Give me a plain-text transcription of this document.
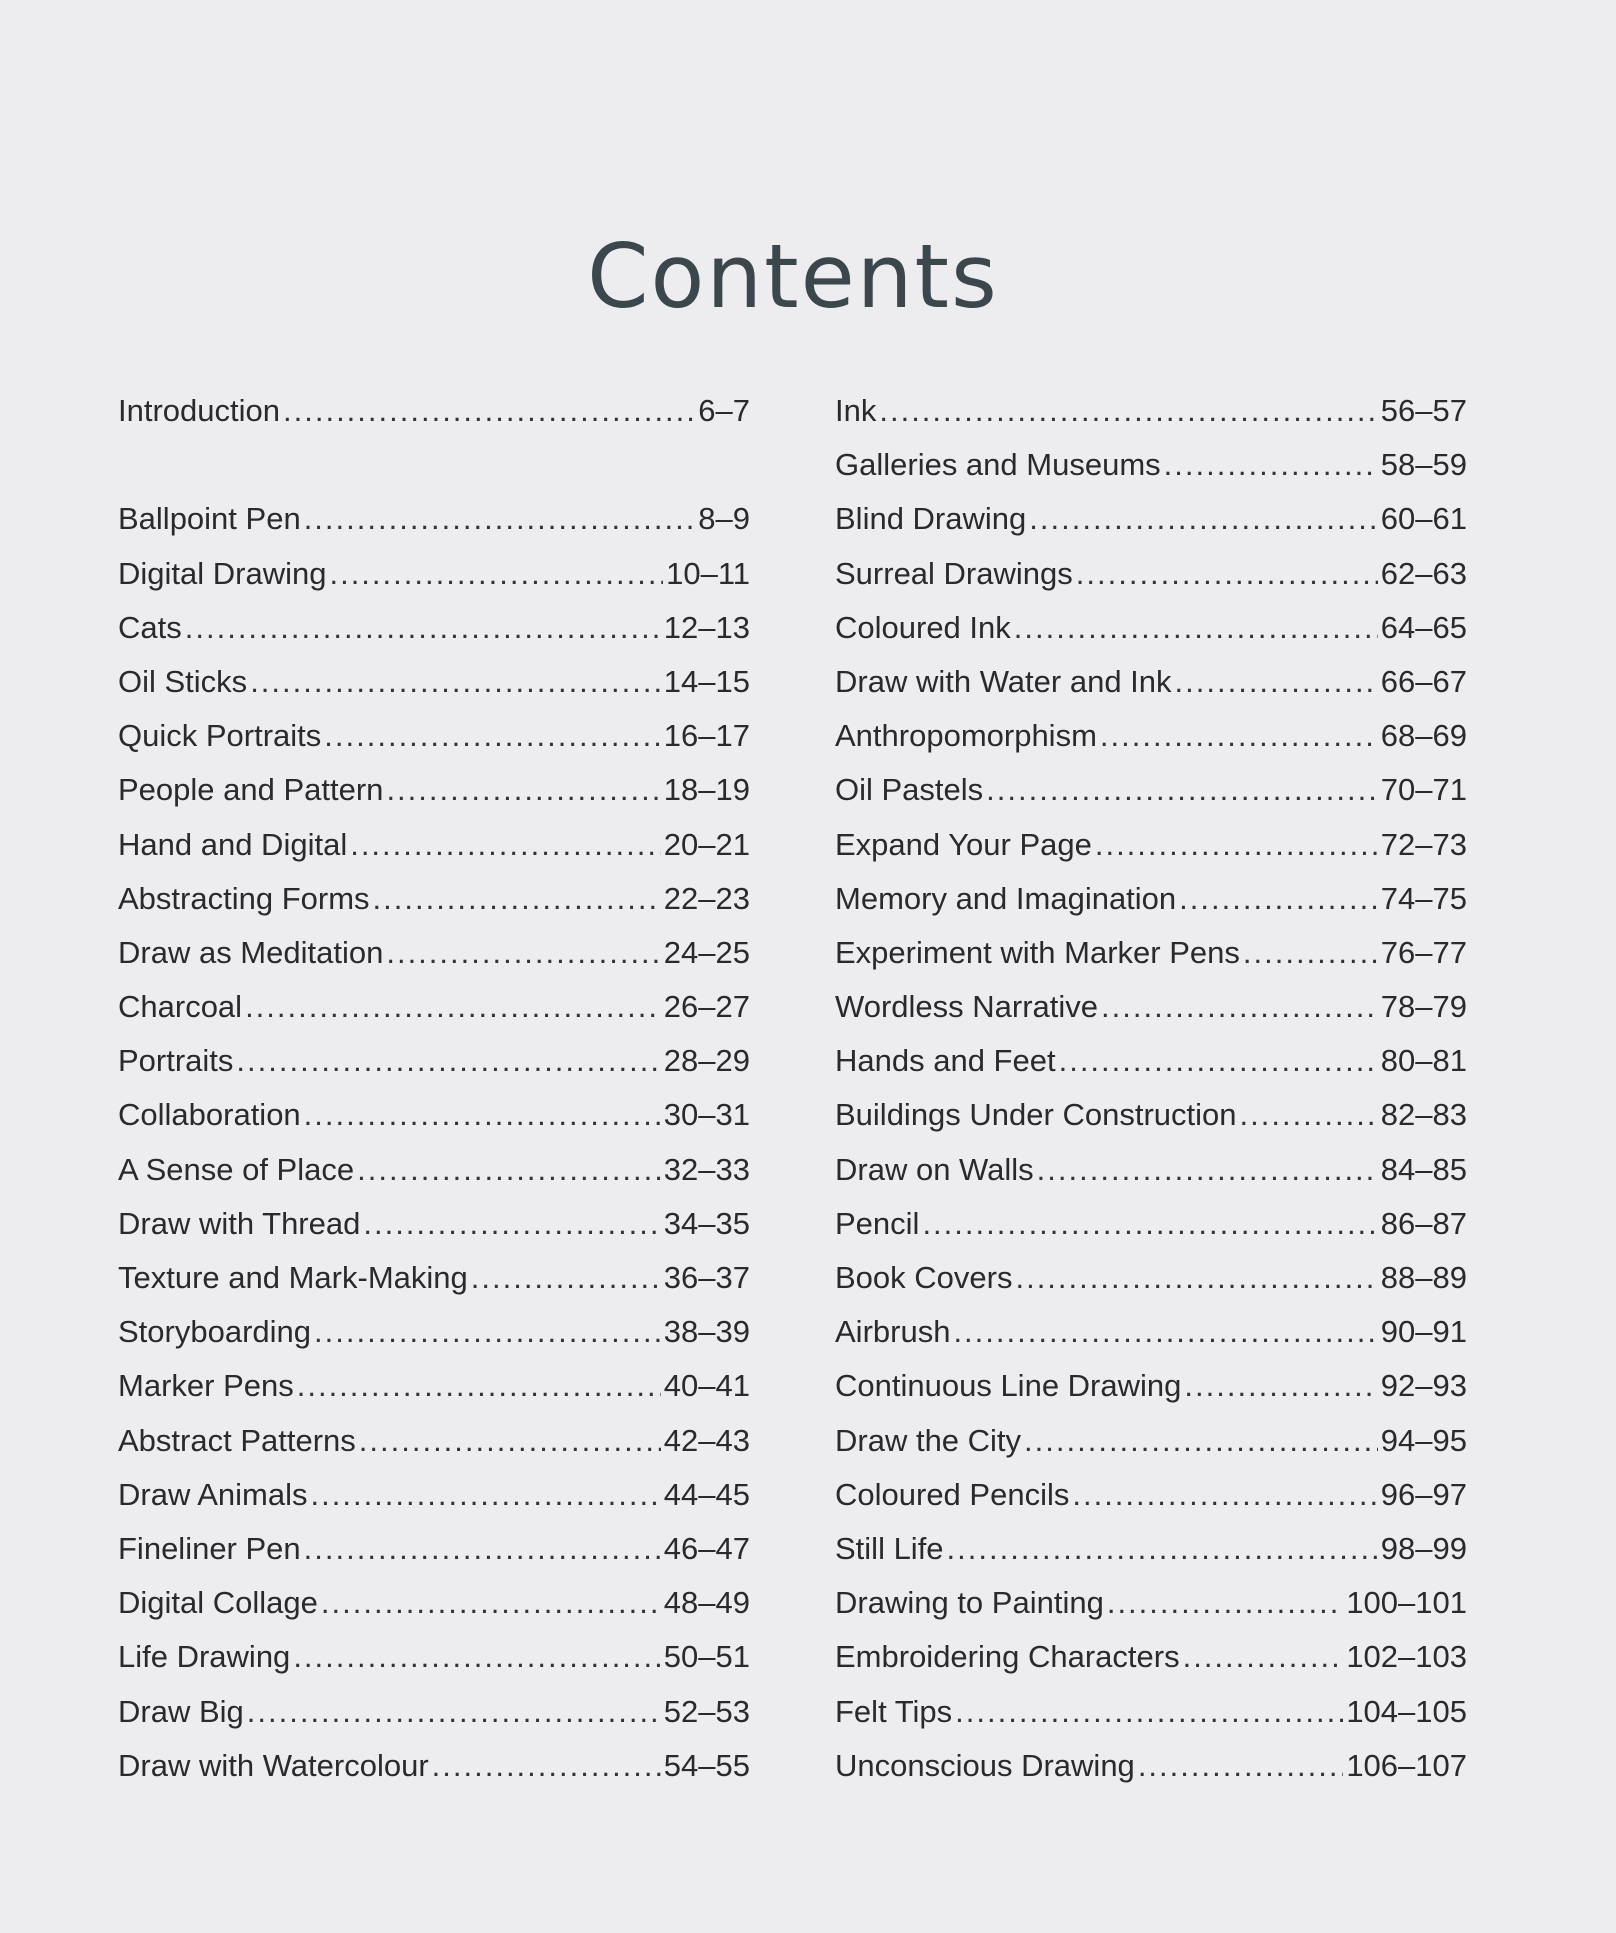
Contents
Introduction .....	6–7
Ballpoint Pen .....	8–9
Digital Drawing .....	10–11
Cats .....	12–13
Oil Sticks .....	14–15
Quick Portraits .....	16–17
People and Pattern .....	18–19
Hand and Digital .....	20–21
Abstracting Forms .....	22–23
Draw as Meditation .....	24–25
Charcoal .....	26–27
Portraits .....	28–29
Collaboration .....	30–31
A Sense of Place .....	32–33
Draw with Thread .....	34–35
Texture and Mark-Making .....	36–37
Storyboarding .....	38–39
Marker Pens .....	40–41
Abstract Patterns .....	42–43
Draw Animals .....	44–45
Fineliner Pen .....	46–47
Digital Collage .....	48–49
Life Drawing .....	50–51
Draw Big .....	52–53
Draw with Watercolour .....	54–55
Ink .....	56–57
Galleries and Museums .....	58–59
Blind Drawing .....	60–61
Surreal Drawings .....	62–63
Coloured Ink .....	64–65
Draw with Water and Ink .....	66–67
Anthropomorphism .....	68–69
Oil Pastels .....	70–71
Expand Your Page .....	72–73
Memory and Imagination .....	74–75
Experiment with Marker Pens .....	76–77
Wordless Narrative .....	78–79
Hands and Feet .....	80–81
Buildings Under Construction .....	82–83
Draw on Walls .....	84–85
Pencil .....	86–87
Book Covers .....	88–89
Airbrush .....	90–91
Continuous Line Drawing .....	92–93
Draw the City .....	94–95
Coloured Pencils .....	96–97
Still Life .....	98–99
Drawing to Painting .....	100–101
Embroidering Characters .....	102–103
Felt Tips .....	104–105
Unconscious Drawing .....	106–107
